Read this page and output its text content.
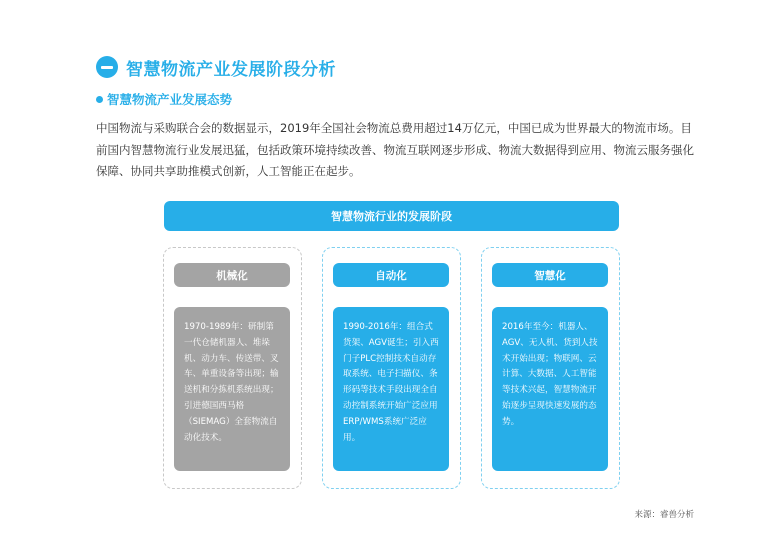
智慧物流产业发展阶段分析
智慧物流产业发展态势
中国物流与采购联合会的数据显示，2019年全国社会物流总费用超过14万亿元，中国已成为世界最大的物流市场。目前国内智慧物流行业发展迅猛，包括政策环境持续改善、物流互联网逐步形成、物流大数据得到应用、物流云服务强化保障、协同共享助推模式创新，人工智能正在起步。
智慧物流行业的发展阶段
机械化
1970-1989年：研制第一代仓储机器人、堆垛机、动力车、传送带、叉车、单重设备等出现；输送机和分拣机系统出现；引进德国西马格（SIEMAG）全套物流自动化技术。
自动化
1990-2016年：组合式货架、AGV诞生；引入西门子PLC控制技术自动存取系统、电子扫描仪、条形码等技术手段出现全自动控制系统开始广泛应用ERP/WMS系统广泛应用。
智慧化
2016年至今：机器人、AGV、无人机、货到人技术开始出现；物联网、云计算、大数据、人工智能等技术兴起，智慧物流开始逐步呈现快速发展的态势。
来源：睿兽分析
